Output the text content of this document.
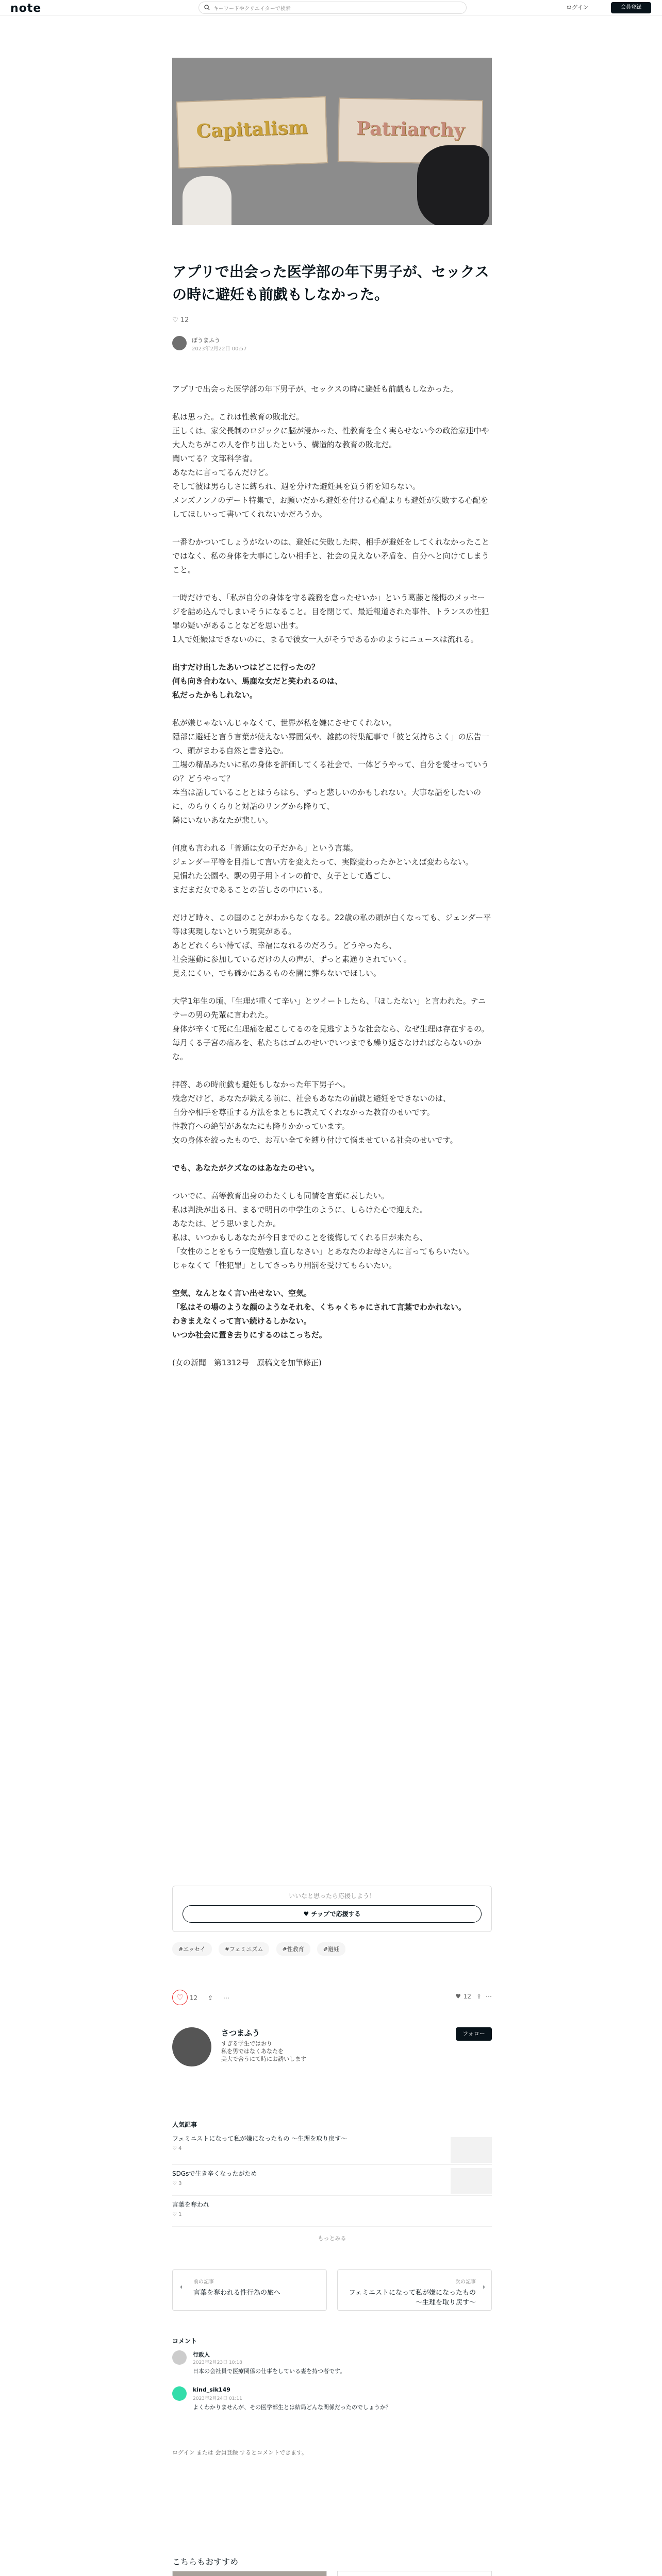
note	キーワードやクリエイターで検索	ログイン	会員登録
Capitalism	Patriarchy
アプリで出会った医学部の年下男子が、セックスの時に避妊も前戯もしなかった。
♡ 12
ぼうまふう
2023年2月22日 00:57

アプリで出会った医学部の年下男子が、セックスの時に避妊も前戯もしなかった。

私は思った。これは性教育の敗北だ。
正しくは、家父長制のロジックに脳が浸かった、性教育を全く実らせない今の政治家連中や大人たちがこの人を作り出したという、構造的な教育の敗北だ。
聞いてる？文部科学省。
あなたに言ってるんだけど。
そして彼は男らしさに縛られ、週を分けた避妊具を買う術を知らない。
メンズノンノのデート特集で、お願いだから避妊を付ける心配よりも避妊が失敗する心配をしてほしいって書いてくれないかだろうか。

一番むかついてしょうがないのは、避妊に失敗した時、相手が避妊をしてくれなかったことではなく、私の身体を大事にしない相手と、社会の見えない矛盾を、自分へと向けてしまうこと。

一時だけでも、「私が自分の身体を守る義務を怠ったせいか」という葛藤と後悔のメッセージを詰め込んでしまいそうになること。目を閉じて、最近報道された事件、トランスの性犯罪の疑いがあることなどを思い出す。
1人で妊娠はできないのに、まるで彼女一人がそうであるかのようにニュースは流れる。

出すだけ出したあいつはどこに行ったの？
何も向き合わない、馬鹿な女だと笑われるのは、
私だったかもしれない。

私が嫌じゃないんじゃなくて、世界が私を嫌にさせてくれない。
隠部に避妊と言う言葉が使えない雰囲気や、雑誌の特集記事で「彼と気持ちよく」の広告一つ、頭がまわる自然と書き込む。
工場の精品みたいに私の身体を評価してくる社会で、一体どうやって、自分を愛せっていうの？どうやって？
本当は話していることとはうらはら、ずっと悲しいのかもしれない。大事な話をしたいのに、のらりくらりと対話のリングから降りて、
隣にいないあなたが悲しい。

何度も言われる「普通は女の子だから」という言葉。
ジェンダー平等を目指して言い方を変えたって、実際変わったかといえば変わらない。
見慣れた公園や、駅の男子用トイレの前で、女子として過ごし、
まだまだ女であることの苦しさの中にいる。

だけど時々、この国のことがわからなくなる。22歳の私の頭が白くなっても、ジェンダー平等は実現しないという現実がある。
あとどれくらい待てば、幸福になれるのだろう。どうやったら、
社会運動に参加しているだけの人の声が、ずっと素通りされていく。
見えにくい、でも確かにあるものを闇に葬らないでほしい。

大学1年生の頃、「生理が重くて辛い」とツイートしたら、「ほしたない」と言われた。テニサーの男の先輩に言われた。
身体が辛くて死に生理痛を起こしてるのを見逃すような社会なら、なぜ生理は存在するの。
毎月くる子宮の痛みを、私たちはゴムのせいでいつまでも繰り返さなければならないのかな。

拝啓、あの時前戯も避妊もしなかった年下男子へ。
残念だけど、あなたが鍛える前に、社会もあなたの前戯と避妊をできないのは、
自分や相手を尊重する方法をまともに教えてくれなかった教育のせいです。
性教育への絶望があなたにも降りかかっています。
女の身体を絞ったもので、お互い全てを縛り付けて悩ませている社会のせいです。

でも、あなたがクズなのはあなたのせい。

ついでに、高等教育出身のわたくしも同情を言葉に表したい。
私は判決が出る日、まるで明日の中学生のように、しらけた心で迎えた。
あなたは、どう思いましたか。
私は、いつかもしあなたが今日までのことを後悔してくれる日が来たら、
「女性のことをもう一度勉強し直しなさい」とあなたのお母さんに言ってもらいたい。
じゃなくて「性犯罪」としてきっちり刑罰を受けてもらいたい。

空気、なんとなく言い出せない、空気。
「私はその場のような顔のようなそれを、くちゃくちゃにされて言葉でわかれない。
わきまえなくって言い続けるしかない。
いつか社会に置き去りにするのはこっちだ。

(女の新聞　第1312号　原稿文を加筆修正)

いいなと思ったら応援しよう！
♥ チップで応援する
#エッセイ	#フェミニズム	#性教育	#避妊
♡ 12 ⇪ ⋯	♥ 12 ⇪ ⋯
さつまふう
すぎる学生ではおり
私を男ではなくあなたを
美大で合うにて時にお誘いします
フォロー
人気記事
フェミニストになって私が嫌になったもの ～生理を取り戻す～
♡ 4
SDGsで生き辛くなったがため
♡ 3
言葉を奪われ
♡ 1
もっとみる
前の記事
言葉を奪われる性行為の旅へ
‹
次の記事
フェミニストになって私が嫌になったもの ～生理を取り戻す～
›
コメント
行政人
2023年2月23日 10:18
日本の会社員で医療関係の仕事をしている妻を持つ者です。
kind_sik149
2023年2月24日 01:11
よくわかりませんが、その医学部生とは結局どんな関係だったのでしょうか？
ログイン または 会員登録 するとコメントできます。
こちらもおすすめ
